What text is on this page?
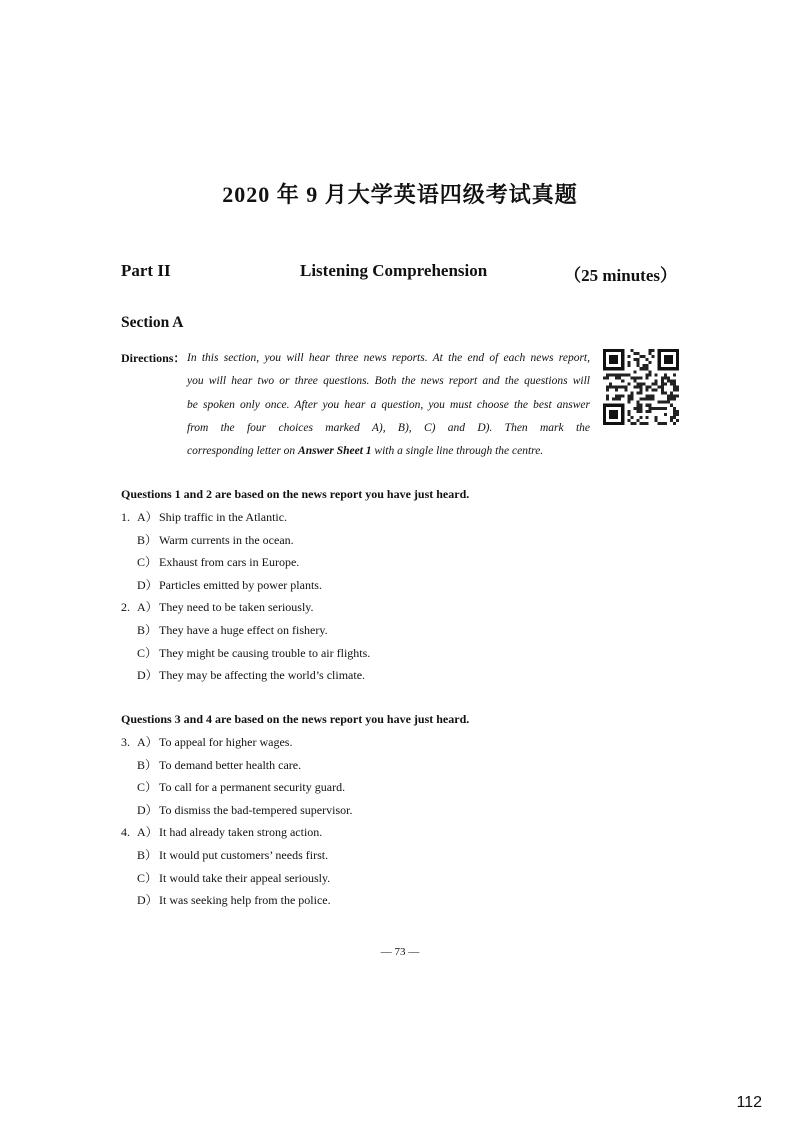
2020 年 9 月大学英语四级考试真题
Part II	Listening Comprehension	（25 minutes）
Section A
Directions： In this section, you will hear three news reports. At the end of each news report,
you will hear two or three questions. Both the news report and the questions will
be spoken only once. After you hear a question, you must choose the best answer
from the four choices marked A), B), C) and D). Then mark the
corresponding letter on Answer Sheet 1 with a single line through the centre.
Questions 1 and 2 are based on the news report you have just heard.
1. A）Ship traffic in the Atlantic.
B） Warm currents in the ocean.
C） Exhaust from cars in Europe.
D）Particles emitted by power plants.
2. A）They need to be taken seriously.
B） They have a huge effect on fishery.
C） They might be causing trouble to air flights.
D）They may be affecting the world’s climate.
Questions 3 and 4 are based on the news report you have just heard.
3. A）To appeal for higher wages.
B） To demand better health care.
C） To call for a permanent security guard.
D）To dismiss the bad-tempered supervisor.
4. A）It had already taken strong action.
B） It would put customers’ needs first.
C） It would take their appeal seriously.
D）It was seeking help from the police.
— 73 —
112
